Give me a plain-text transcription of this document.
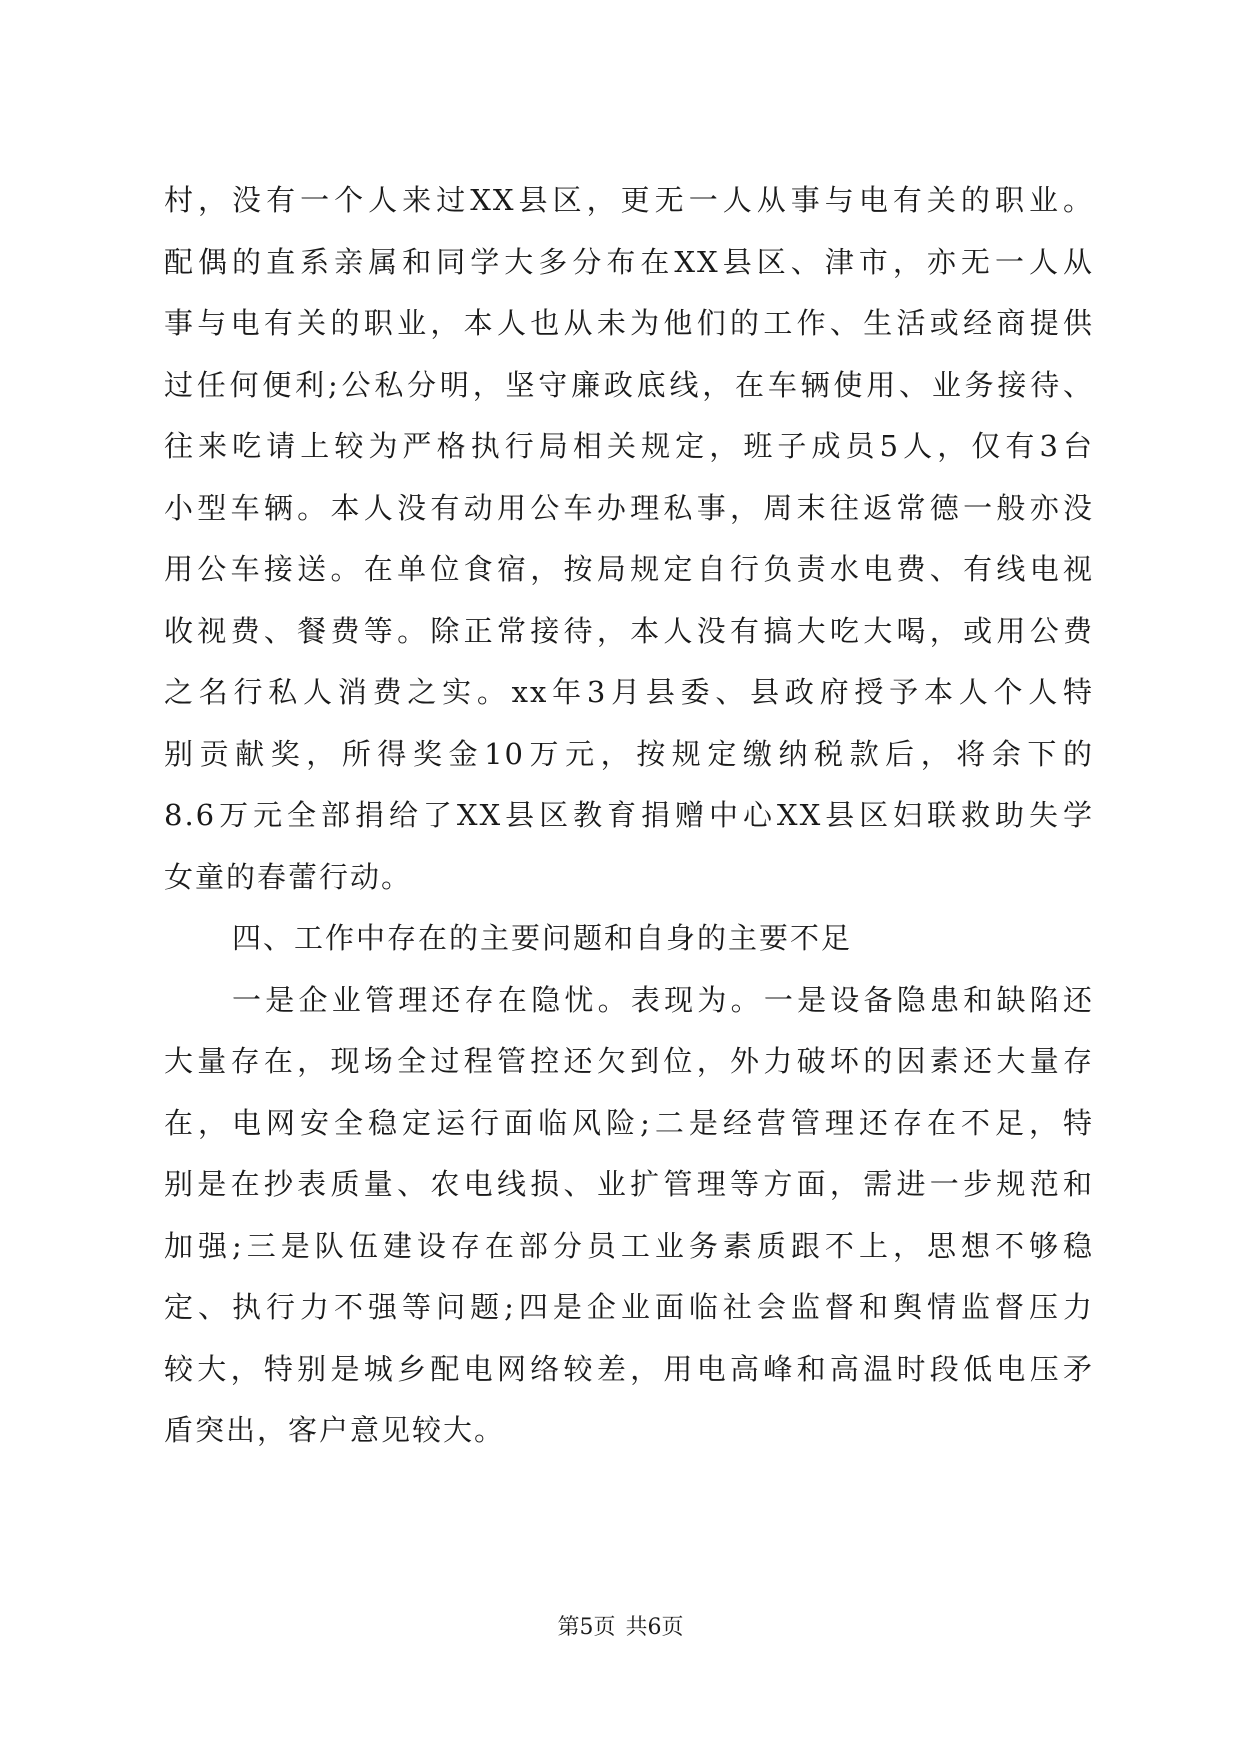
村，没有一个人来过XX县区，更无一人从事与电有关的职业。
配偶的直系亲属和同学大多分布在XX县区、津市，亦无一人从
事与电有关的职业，本人也从未为他们的工作、生活或经商提供
过任何便利;公私分明，坚守廉政底线，在车辆使用、业务接待、
往来吃请上较为严格执行局相关规定，班子成员5人，仅有3台
小型车辆。本人没有动用公车办理私事，周末往返常德一般亦没
用公车接送。在单位食宿，按局规定自行负责水电费、有线电视
收视费、餐费等。除正常接待，本人没有搞大吃大喝，或用公费
之名行私人消费之实。xx年3月县委、县政府授予本人个人特
别贡献奖，所得奖金10万元，按规定缴纳税款后，将余下的
8.6万元全部捐给了XX县区教育捐赠中心XX县区妇联救助失学
女童的春蕾行动。
四、工作中存在的主要问题和自身的主要不足
一是企业管理还存在隐忧。表现为。一是设备隐患和缺陷还
大量存在，现场全过程管控还欠到位，外力破坏的因素还大量存
在，电网安全稳定运行面临风险;二是经营管理还存在不足，特
别是在抄表质量、农电线损、业扩管理等方面，需进一步规范和
加强;三是队伍建设存在部分员工业务素质跟不上，思想不够稳
定、执行力不强等问题;四是企业面临社会监督和舆情监督压力
较大，特别是城乡配电网络较差，用电高峰和高温时段低电压矛
盾突出，客户意见较大。
第5页 共6页
